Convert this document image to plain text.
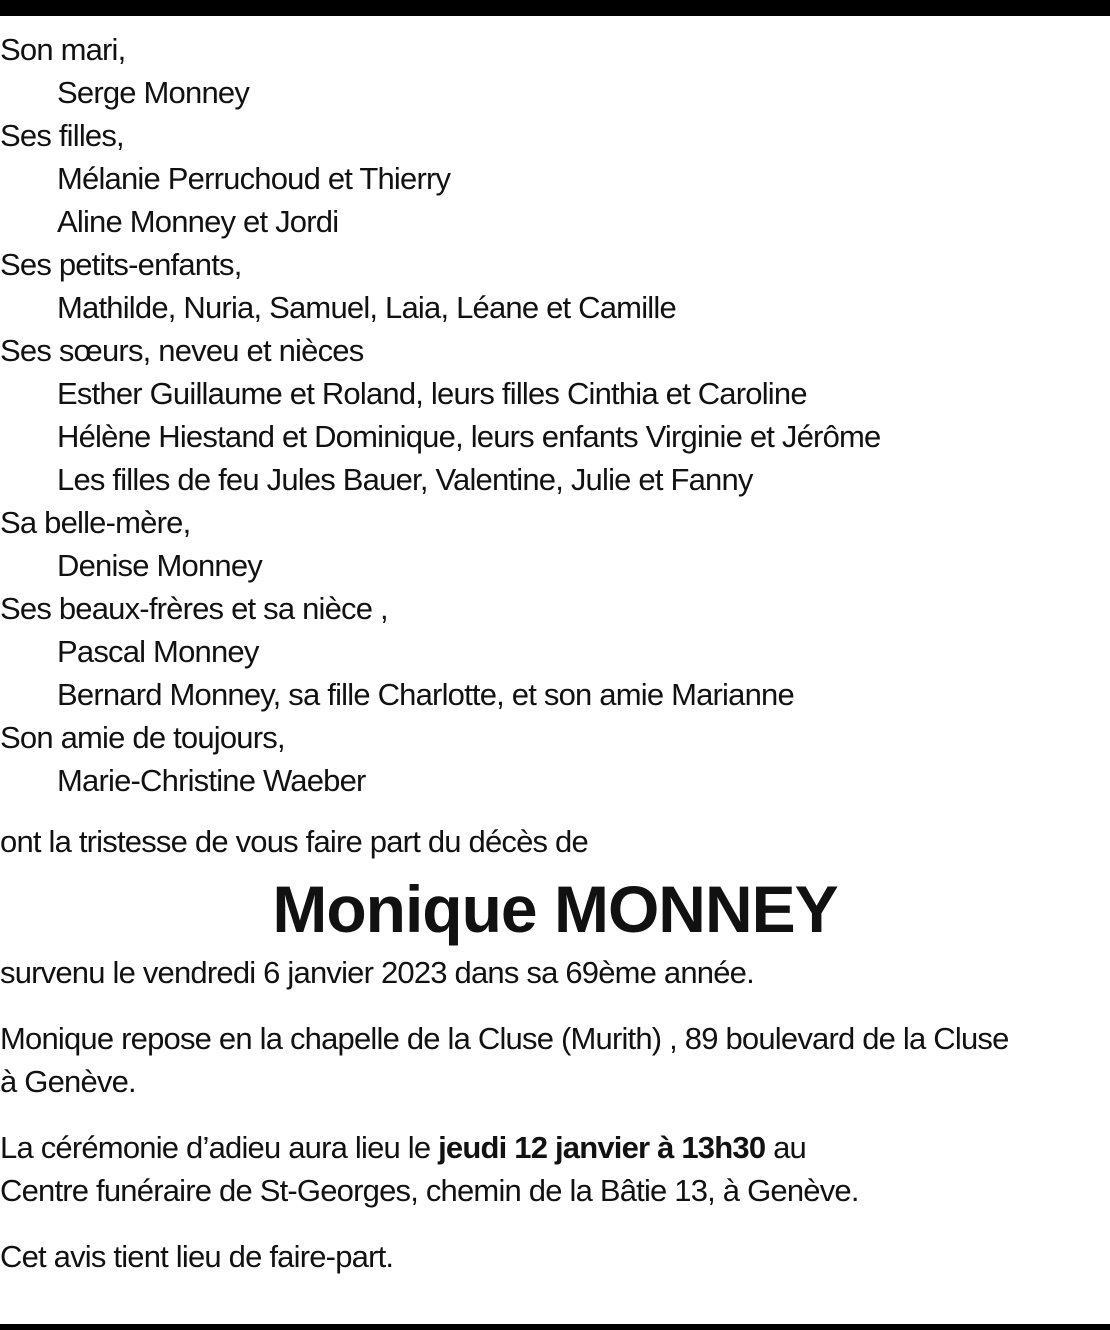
Son mari,
Serge Monney
Ses filles,
Mélanie Perruchoud et Thierry
Aline Monney et Jordi
Ses petits-enfants,
Mathilde, Nuria, Samuel, Laia, Léane et Camille
Ses sœurs, neveu et nièces
Esther Guillaume et Roland, leurs filles Cinthia et Caroline
Hélène Hiestand et Dominique, leurs enfants Virginie et Jérôme
Les filles de feu Jules Bauer, Valentine, Julie et Fanny
Sa belle-mère,
Denise Monney
Ses beaux-frères et sa nièce ,
Pascal Monney
Bernard Monney, sa fille Charlotte, et son amie Marianne
Son amie de toujours,
Marie-Christine Waeber
ont la tristesse de vous faire part du décès de
Monique MONNEY
survenu le vendredi 6 janvier 2023 dans sa 69ème année.
Monique repose en la chapelle de la Cluse (Murith) , 89 boulevard de la Cluse
à Genève.
La cérémonie d’adieu aura lieu le jeudi 12 janvier à 13h30 au
Centre funéraire de St-Georges, chemin de la Bâtie 13, à Genève.
Cet avis tient lieu de faire-part.
